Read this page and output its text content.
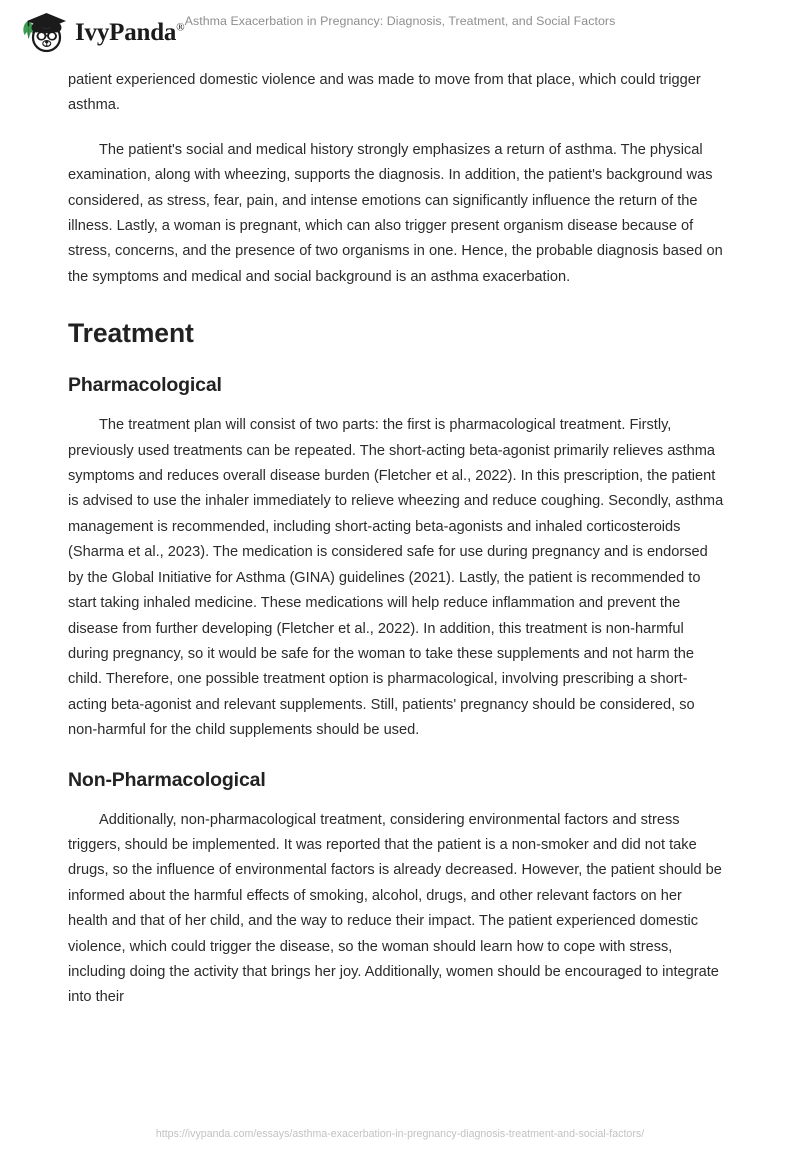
IvyPanda® Asthma Exacerbation in Pregnancy: Diagnosis, Treatment, and Social Factors

patient experienced domestic violence and was made to move from that place, which could trigger asthma.

The patient's social and medical history strongly emphasizes a return of asthma. The physical examination, along with wheezing, supports the diagnosis. In addition, the patient's background was considered, as stress, fear, pain, and intense emotions can significantly influence the return of the illness. Lastly, a woman is pregnant, which can also trigger present organism disease because of stress, concerns, and the presence of two organisms in one. Hence, the probable diagnosis based on the symptoms and medical and social background is an asthma exacerbation.

Treatment
Pharmacological

The treatment plan will consist of two parts: the first is pharmacological treatment. Firstly, previously used treatments can be repeated. The short-acting beta-agonist primarily relieves asthma symptoms and reduces overall disease burden (Fletcher et al., 2022). In this prescription, the patient is advised to use the inhaler immediately to relieve wheezing and reduce coughing. Secondly, asthma management is recommended, including short-acting beta-agonists and inhaled corticosteroids (Sharma et al., 2023). The medication is considered safe for use during pregnancy and is endorsed by the Global Initiative for Asthma (GINA) guidelines (2021). Lastly, the patient is recommended to start taking inhaled medicine. These medications will help reduce inflammation and prevent the disease from further developing (Fletcher et al., 2022). In addition, this treatment is non-harmful during pregnancy, so it would be safe for the woman to take these supplements and not harm the child. Therefore, one possible treatment option is pharmacological, involving prescribing a short-acting beta-agonist and relevant supplements. Still, patients' pregnancy should be considered, so non-harmful for the child supplements should be used.

Non-Pharmacological

Additionally, non-pharmacological treatment, considering environmental factors and stress triggers, should be implemented. It was reported that the patient is a non-smoker and did not take drugs, so the influence of environmental factors is already decreased. However, the patient should be informed about the harmful effects of smoking, alcohol, drugs, and other relevant factors on her health and that of her child, and the way to reduce their impact. The patient experienced domestic violence, which could trigger the disease, so the woman should learn how to cope with stress, including doing the activity that brings her joy. Additionally, women should be encouraged to integrate into their

https://ivypanda.com/essays/asthma-exacerbation-in-pregnancy-diagnosis-treatment-and-social-factors/
